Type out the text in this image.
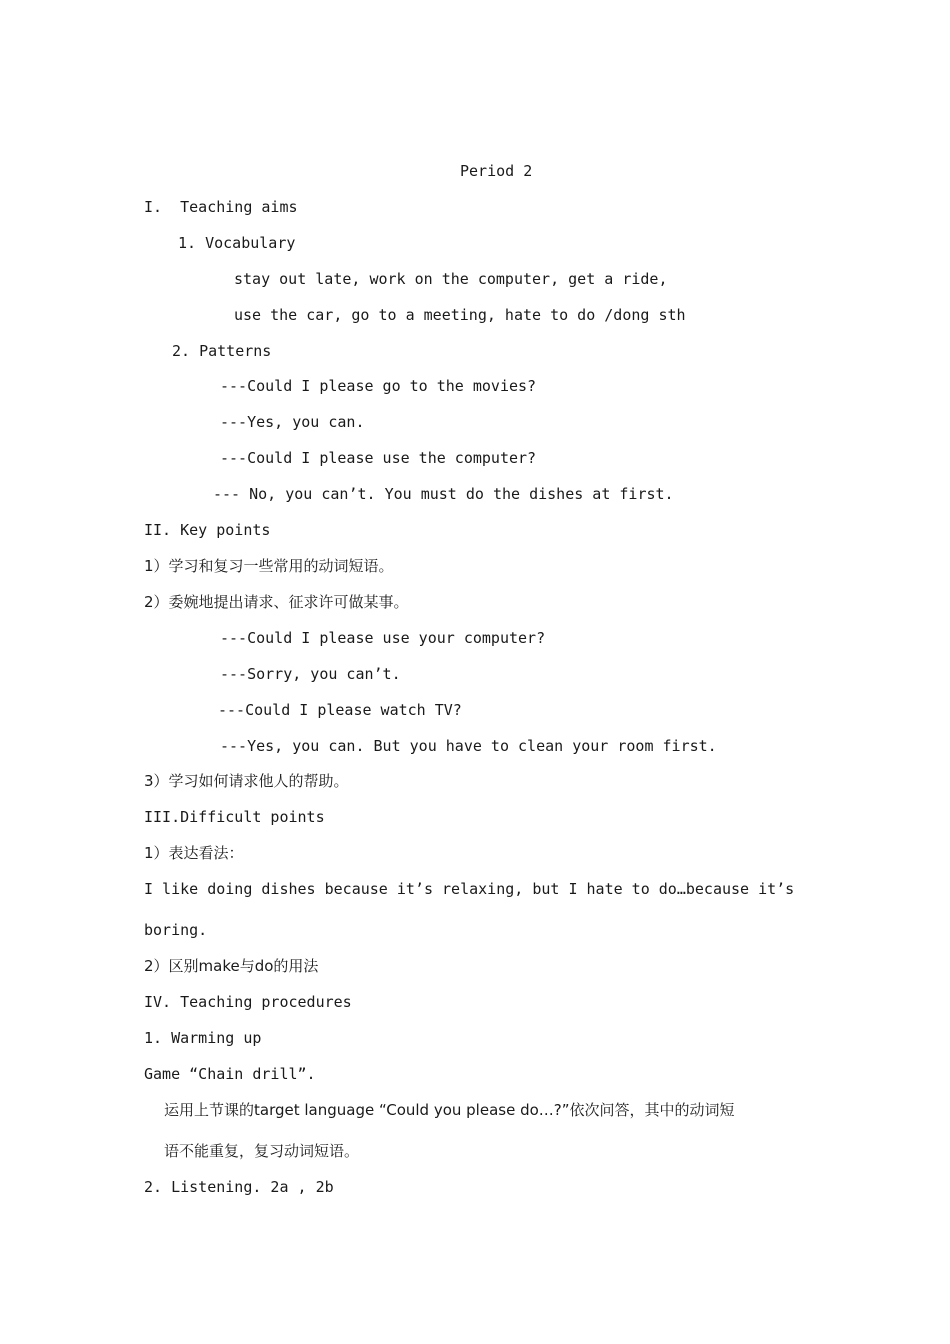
Period 2
I.  Teaching aims
1. Vocabulary
stay out late, work on the computer, get a ride,
use the car, go to a meeting, hate to do /dong sth
2. Patterns
---Could I please go to the movies?
---Yes, you can.
---Could I please use the computer?
--- No, you can’t. You must do the dishes at first.
II. Key points
1）学习和复习一些常用的动词短语。
2）委婉地提出请求、征求许可做某事。
---Could I please use your computer?
---Sorry, you can’t.
---Could I please watch TV?
---Yes, you can. But you have to clean your room first.
3）学习如何请求他人的帮助。
III.Difficult points
1）表达看法：
I like doing dishes because it’s relaxing, but I hate to do…because it’s
boring.
2）区别make与do的用法
IV. Teaching procedures
1. Warming up
Game “Chain drill”.
运用上节课的target language “Could you please do…?”依次问答，其中的动词短
语不能重复，复习动词短语。
2. Listening. 2a , 2b
